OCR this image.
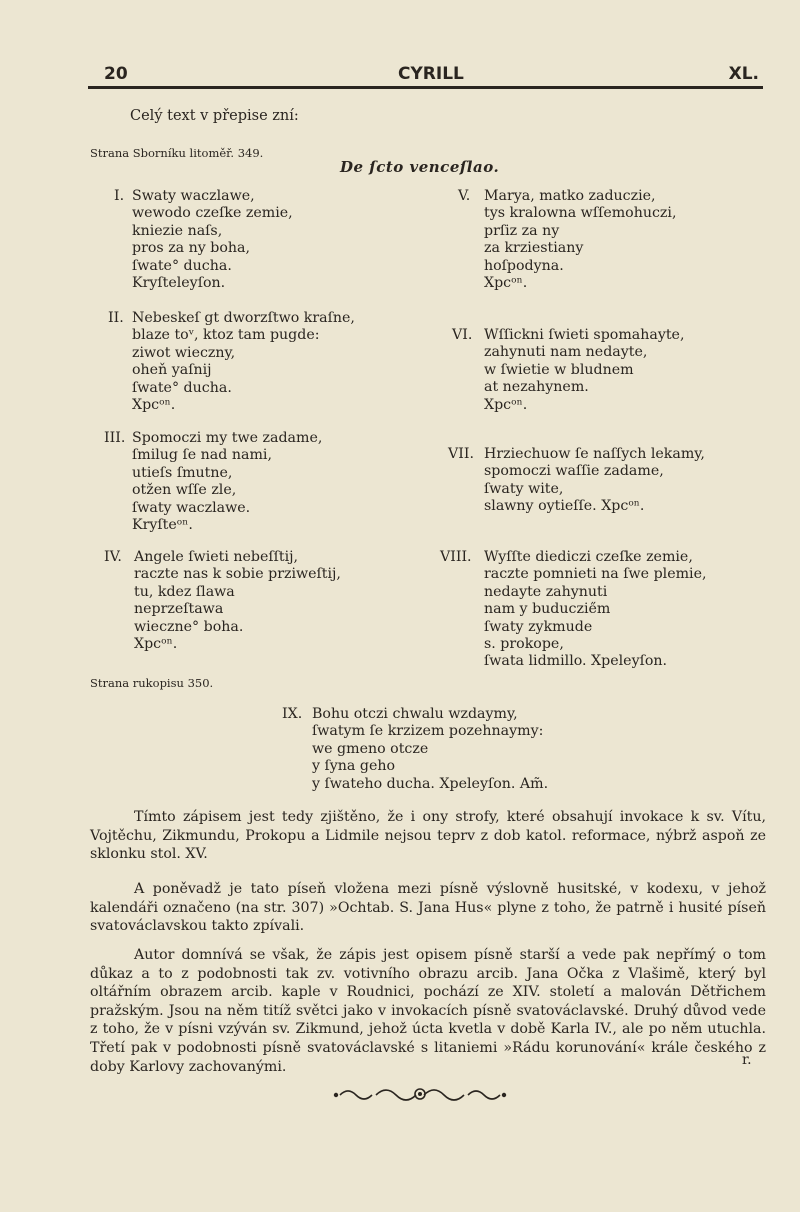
20	CYRILL	XL.
Celý text v přepise zní:
Strana Sborníku litoměř. 349.
De ſcto venceſlao.
I. Swaty waczlawe,
wewodo czeſke zemie,
kniezie naſs,
pros za ny boha,
ſwate° ducha.
Kryſteleyſon.
II. Nebeskeſ gt dworzſtwo kraſne,
blaze toᵛ, ktoz tam pugde:
ziwot wieczny,
oheň yaſnij
ſwate° ducha.
Xpcᵒⁿ.
III. Spomoczi my twe zadame,
ſmilug ſe nad nami,
utieſs ſmutne,
otžen wſſe zle,
ſwaty waczlawe.
Kryſteᵒⁿ.
IV. Angele ſwieti nebeſſtij,
raczte nas k sobie prziweſtij,
tu, kdez ſlawa
neprzeſtawa
wieczne° boha.
Xpcᵒⁿ.
V. Marya, matko zaduczie,
tys kralowna wſſemohuczi,
prſiz za ny
za krziestiany
hoſpodyna.
Xpcᵒⁿ.
VI. Wſſickni ſwieti spomahayte,
zahynuti nam nedayte,
w ſwietie w bludnem
at nezahynem.
Xpcᵒⁿ.
VII. Hrziechuow ſe naſſych lekamy,
spomoczi waſſie zadame,
ſwaty wite,
slawny oytieſſe. Xpcᵒⁿ.
VIII. Wyſſte diediczi czeſke zemie,
raczte pomnieti na ſwe plemie,
nedayte zahynuti
nam y buduczie̋m
ſwaty zykmude
s. prokope,
ſwata lidmillo. Xpeleyſon.
Strana rukopisu 350.
IX. Bohu otczi chwalu wzdaymy,
ſwatym ſe krzizem pozehnaymy:
we gmeno otcze
y ſyna geho
y ſwateho ducha. Xpeleyſon. Am̃.
Tímto zápisem jest tedy zjištěno, že i ony strofy, které obsahují invokace k sv. Vítu, Vojtěchu, Zikmundu, Prokopu a Lidmile nejsou teprv z dob katol. reformace, nýbrž aspoň ze sklonku stol. XV.
A poněvadž je tato píseň vložena mezi písně výslovně husitské, v kodexu, v jehož kalendáři označeno (na str. 307) »Ochtab. S. Jana Hus« plyne z toho, že patrně i husité píseň svatováclavskou takto zpívali.
Autor domnívá se však, že zápis jest opisem písně starší a vede pak nepřímý o tom důkaz a to z podobnosti tak zv. votivního obrazu arcib. Jana Očka z Vlašimě, který byl oltářním obrazem arcib. kaple v Roudnici, pochází ze XIV. století a malován Dětřichem pražským. Jsou na něm titíž světci jako v invokacích písně svatováclavské. Druhý důvod vede z toho, že v písni vzýván sv. Zikmund, jehož úcta kvetla v době Karla IV., ale po něm utuchla. Třetí pak v podobnosti písně svatováclavské s litaniemi »Rádu korunování« krále českého z doby Karlovy zachovanými.	r.
